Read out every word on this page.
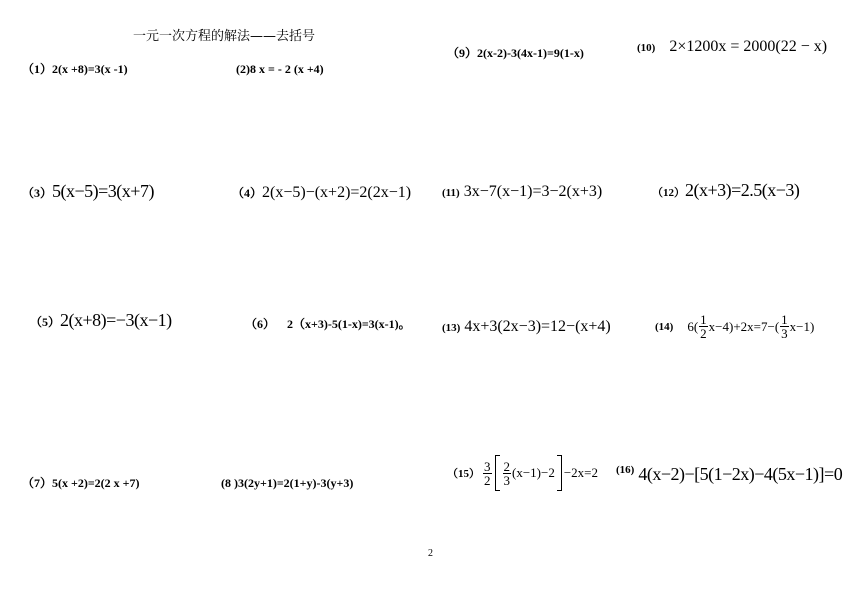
一元一次方程的解法——去括号
（1）2(x +8)=3(x -1)	(2)8 x = - 2 (x +4)
（9）2(x-2)-3(4x-1)=9(1-x)	(10) 2×1200x = 2000(22 − x)
（3）5(x−5)=3(x+7)	（4）2(x−5)−(x+2)=2(2x−1)	(11) 3x−7(x−1)=3−2(x+3)	（12）2(x+3)=2.5(x−3)
（5）2(x+8)=−3(x−1)	（6） 2（x+3)-5(1-x)=3(x-1)。	(13) 4x+3(2x−3)=12−(x+4)	(14) $6( \frac{1}{2} x-4)+2x=7-( \frac{1}{3} x-1)$
（7）5(x +2)=2(2 x +7)	(8 )3(2y+1)=2(1+y)-3(y+3)
$(15) \frac{3}{2} \frac{2}{3} (x-1)-2 -2x=2$ $^{(16)}$ 4(x−2)−[5(1−2x)−4(5x−1)]=0
2
